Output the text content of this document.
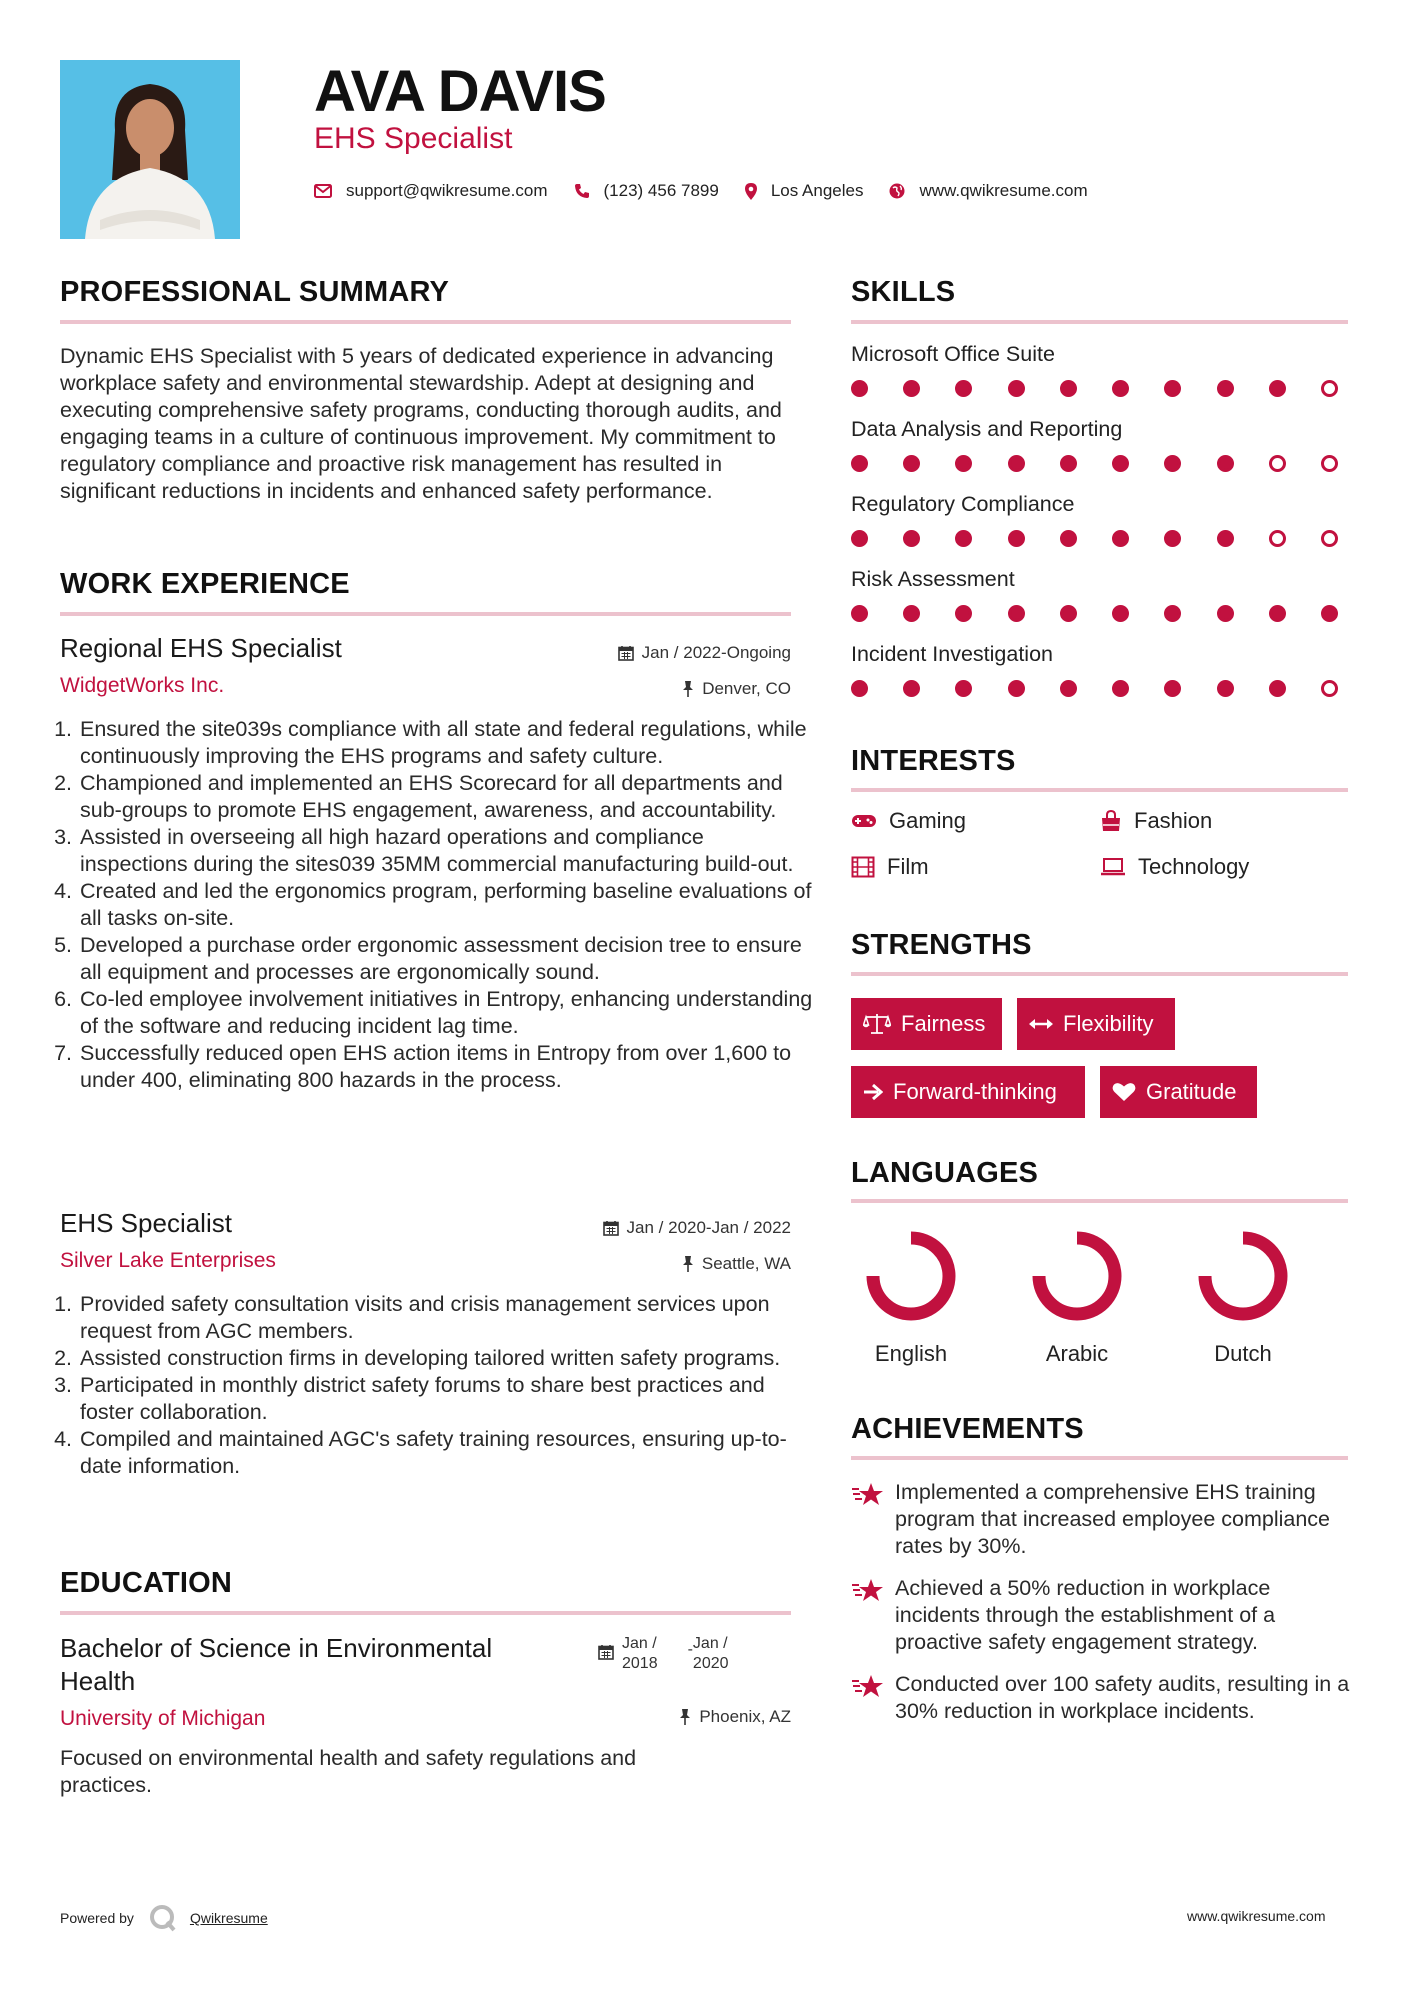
AVA DAVIS
EHS Specialist
support@qwikresume.com	(123) 456 7899	Los Angeles	www.qwikresume.com
PROFESSIONAL SUMMARY
Dynamic EHS Specialist with 5 years of dedicated experience in advancing workplace safety and environmental stewardship. Adept at designing and executing comprehensive safety programs, conducting thorough audits, and engaging teams in a culture of continuous improvement. My commitment to regulatory compliance and proactive risk management has resulted in significant reductions in incidents and enhanced safety performance.
WORK EXPERIENCE
Regional EHS Specialist	Jan / 2022-Ongoing
WidgetWorks Inc.	Denver, CO
1. Ensured the site039s compliance with all state and federal regulations, while continuously improving the EHS programs and safety culture.
2. Championed and implemented an EHS Scorecard for all departments and sub-groups to promote EHS engagement, awareness, and accountability.
3. Assisted in overseeing all high hazard operations and compliance inspections during the sites039 35MM commercial manufacturing build-out.
4. Created and led the ergonomics program, performing baseline evaluations of all tasks on-site.
5. Developed a purchase order ergonomic assessment decision tree to ensure all equipment and processes are ergonomically sound.
6. Co-led employee involvement initiatives in Entropy, enhancing understanding of the software and reducing incident lag time.
7. Successfully reduced open EHS action items in Entropy from over 1,600 to under 400, eliminating 800 hazards in the process.
EHS Specialist	Jan / 2020-Jan / 2022
Silver Lake Enterprises	Seattle, WA
1. Provided safety consultation visits and crisis management services upon request from AGC members.
2. Assisted construction firms in developing tailored written safety programs.
3. Participated in monthly district safety forums to share best practices and foster collaboration.
4. Compiled and maintained AGC's safety training resources, ensuring up-to-date information.
EDUCATION
Bachelor of Science in Environmental Health
Jan /
2018
- Jan /
2020
University of Michigan	Phoenix, AZ
Focused on environmental health and safety regulations and practices.
SKILLS
Microsoft Office Suite
Data Analysis and Reporting
Regulatory Compliance
Risk Assessment
Incident Investigation
INTERESTS
Gaming	Fashion
Film	Technology
STRENGTHS
Fairness	Flexibility
Forward-thinking	Gratitude
LANGUAGES
English	Arabic	Dutch
ACHIEVEMENTS
Implemented a comprehensive EHS training program that increased employee compliance rates by 30%.
Achieved a 50% reduction in workplace incidents through the establishment of a proactive safety engagement strategy.
Conducted over 100 safety audits, resulting in a 30% reduction in workplace incidents.
Powered by	Qwikresume	www.qwikresume.com
